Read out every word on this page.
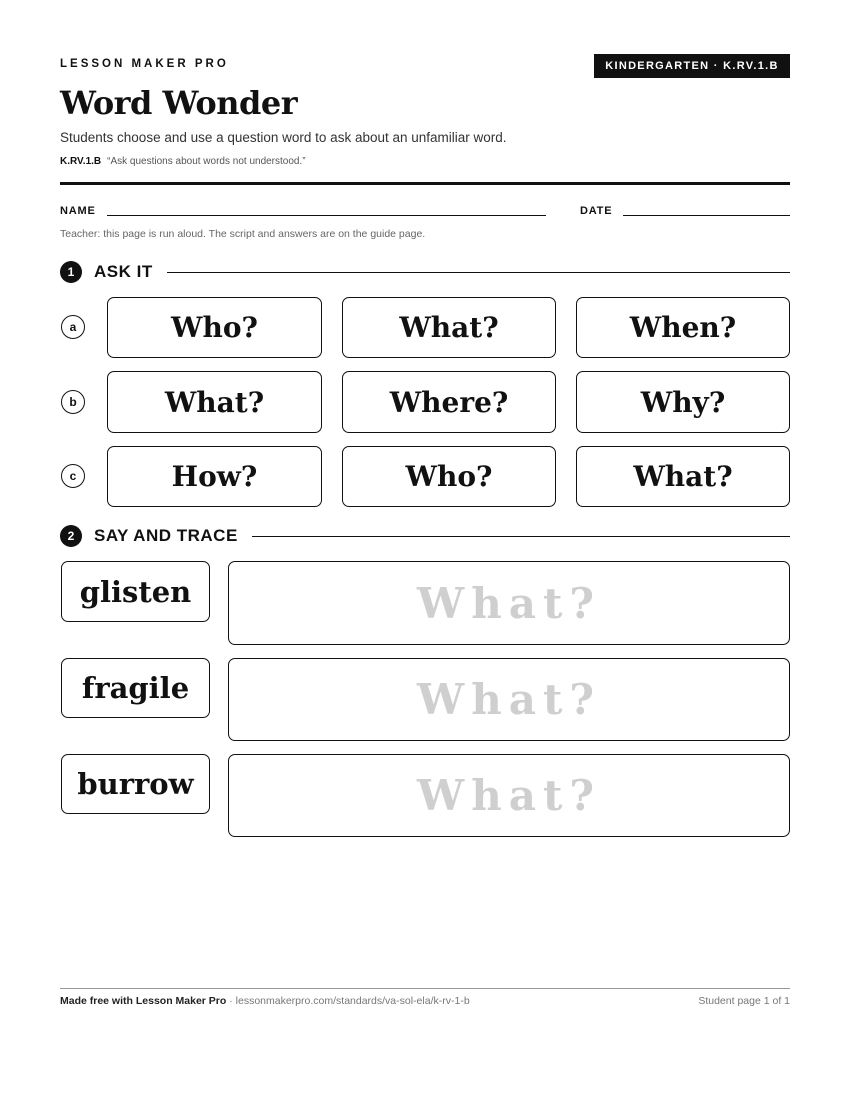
LESSON MAKER PRO	KINDERGARTEN · K.RV.1.B
Word Wonder
Students choose and use a question word to ask about an unfamiliar word.
K.RV.1.B “Ask questions about words not understood.”
NAME	DATE
Teacher: this page is run aloud. The script and answers are on the guide page.
1	ASK IT
a	Who?	What?	When?
b	What?	Where?	Why?
c	How?	Who?	What?
2	SAY AND TRACE
glisten	What?
fragile	What?
burrow	What?
Made free with Lesson Maker Pro · lessonmakerpro.com/standards/va-sol-ela/k-rv-1-b	Student page 1 of 1
